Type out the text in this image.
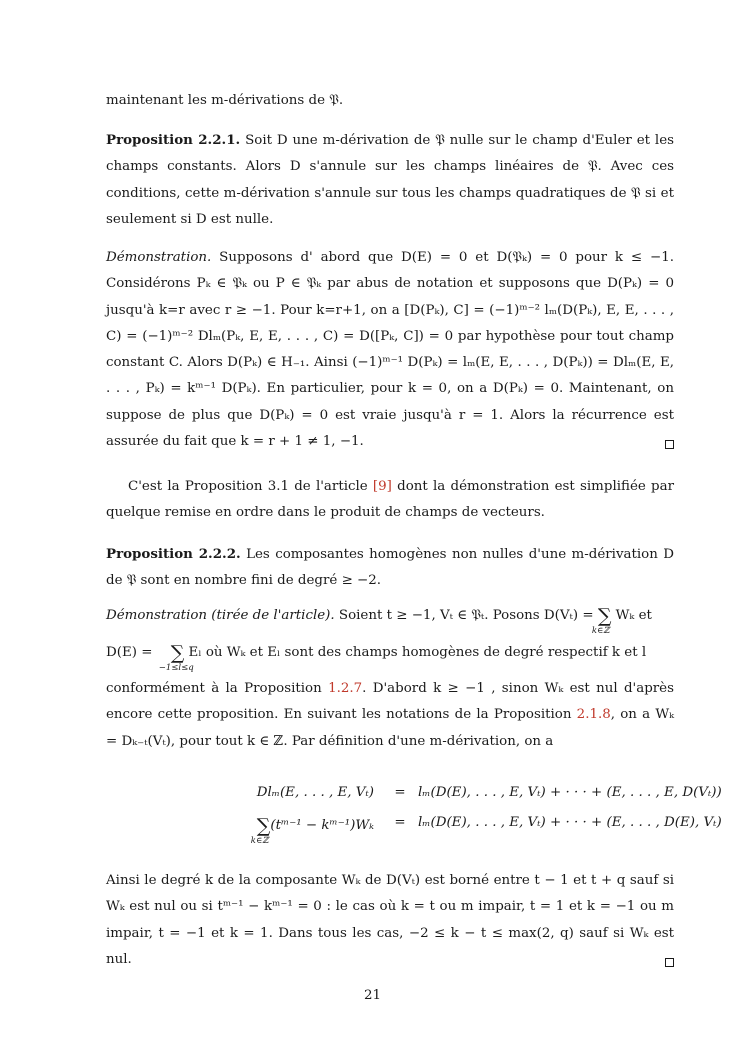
maintenant les m-dérivations de 𝔓.

Proposition 2.2.1. Soit D une m-dérivation de 𝔓 nulle sur le champ d'Euler et les champs constants. Alors D s'annule sur les champs linéaires de 𝔓. Avec ces conditions, cette m-dérivation s'annule sur tous les champs quadratiques de 𝔓 si et seulement si D est nulle.

Démonstration. Supposons d' abord que D(E) = 0 et D(𝔓ₖ) = 0 pour k ≤ −1. Considérons Pₖ ∈ 𝔓ₖ ou P ∈ 𝔓ₖ par abus de notation et supposons que D(Pₖ) = 0 jusqu'à k=r avec r ≥ −1. Pour k=r+1, on a [D(Pₖ), C] = (−1)ᵐ⁻² lₘ(D(Pₖ), E, E, . . . , C) = (−1)ᵐ⁻² Dlₘ(Pₖ, E, E, . . . , C) = D([Pₖ, C]) = 0 par hypothèse pour tout champ constant C. Alors D(Pₖ) ∈ H₋₁. Ainsi (−1)ᵐ⁻¹ D(Pₖ) = lₘ(E, E, . . . , D(Pₖ)) = Dlₘ(E, E, . . . , Pₖ) = kᵐ⁻¹ D(Pₖ). En particulier, pour k = 0, on a D(Pₖ) = 0. Maintenant, on suppose de plus que D(Pₖ) = 0 est vraie jusqu'à r = 1. Alors la récurrence est assurée du fait que k = r + 1 ≠ 1, −1.

C'est la Proposition 3.1 de l'article [9] dont la démonstration est simplifiée par quelque remise en ordre dans le produit de champs de vecteurs.

Proposition 2.2.2. Les composantes homogènes non nulles d'une m-dérivation D de 𝔓 sont en nombre fini de degré ≥ −2.

Démonstration (tirée de l'article). Soient t ≥ −1, Vₜ ∈ 𝔓ₜ. Posons D(Vₜ) = ∑
k∈ℤ
Wₖ et
D(E) = ∑
−1≤l≤q
Eₗ où Wₖ et Eₗ sont des champs homogènes de degré respectif k et l

conformément à la Proposition 1.2.7. D'abord k ≥ −1 , sinon Wₖ est nul d'après encore cette proposition. En suivant les notations de la Proposition 2.1.8, on a Wₖ = Dₖ₋ₜ(Vₜ), pour tout k ∈ ℤ. Par définition d'une m-dérivation, on a

Dlₘ(E, . . . , E, Vₜ)	= lₘ(D(E), . . . , E, Vₜ) + · · · + (E, . . . , E, D(Vₜ))
∑
k∈ℤ
(tᵐ⁻¹ − kᵐ⁻¹)Wₖ	= lₘ(D(E), . . . , E, Vₜ) + · · · + (E, . . . , D(E), Vₜ)

Ainsi le degré k de la composante Wₖ de D(Vₜ) est borné entre t − 1 et t + q sauf si Wₖ est nul ou si tᵐ⁻¹ − kᵐ⁻¹ = 0 : le cas où k = t ou m impair, t = 1 et k = −1 ou m impair, t = −1 et k = 1. Dans tous les cas, −2 ≤ k − t ≤ max(2, q) sauf si Wₖ est nul.

21
